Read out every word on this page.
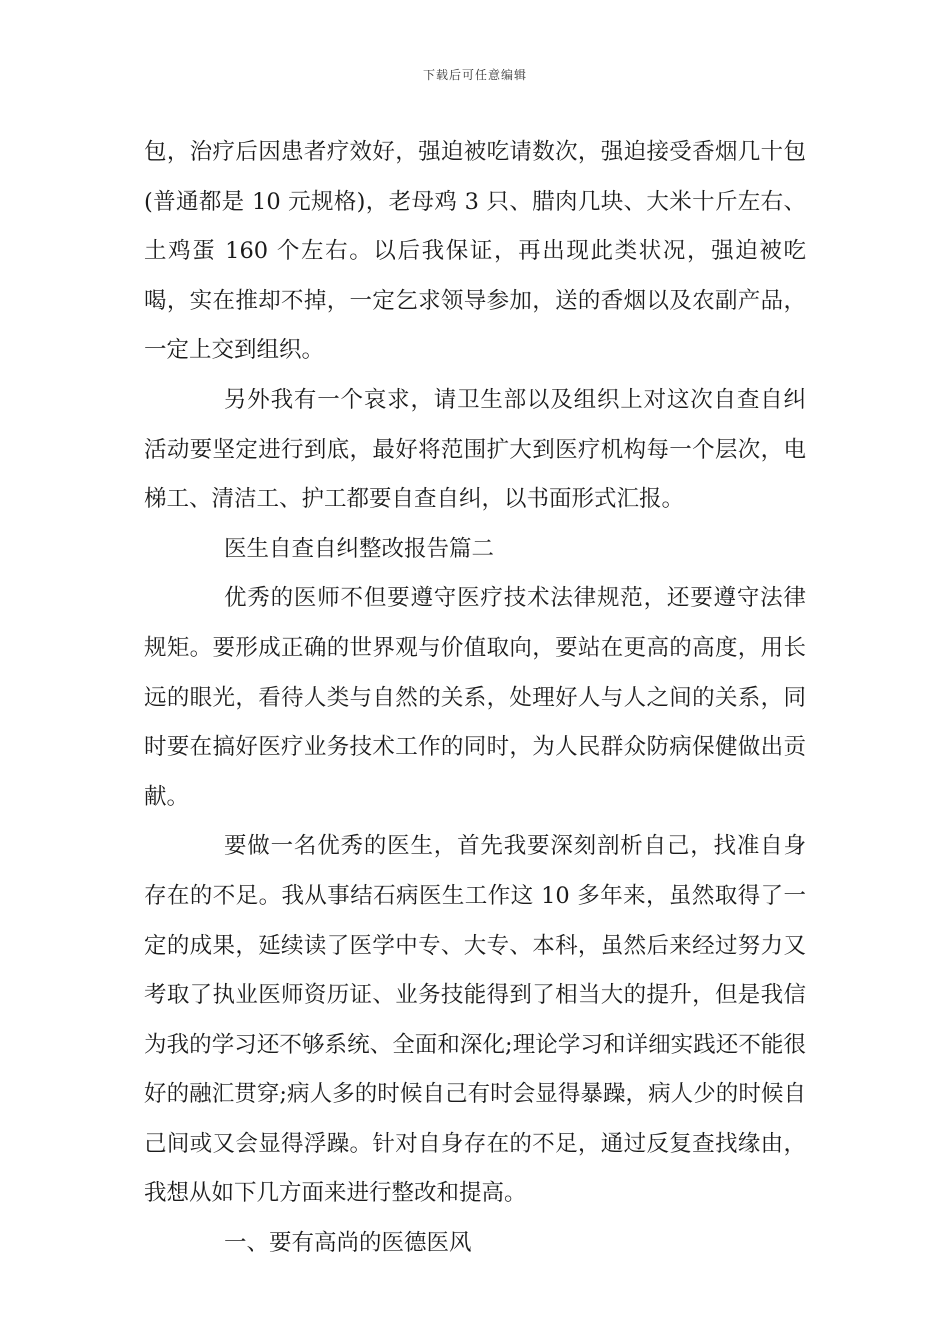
下载后可任意编辑

包，治疗后因患者疗效好，强迫被吃请数次，强迫接受香烟几十包(普通都是 10 元规格)，老母鸡 3 只、腊肉几块、大米十斤左右、土鸡蛋 160 个左右。以后我保证，再出现此类状况，强迫被吃喝，实在推却不掉，一定乞求领导参加，送的香烟以及农副产品，一定上交到组织。

另外我有一个哀求，请卫生部以及组织上对这次自查自纠活动要坚定进行到底，最好将范围扩大到医疗机构每一个层次，电梯工、清洁工、护工都要自查自纠，以书面形式汇报。

医生自查自纠整改报告篇二

优秀的医师不但要遵守医疗技术法律规范，还要遵守法律规矩。要形成正确的世界观与价值取向，要站在更高的高度，用长远的眼光，看待人类与自然的关系，处理好人与人之间的关系，同时要在搞好医疗业务技术工作的同时，为人民群众防病保健做出贡献。

要做一名优秀的医生，首先我要深刻剖析自己，找准自身存在的不足。我从事结石病医生工作这 10 多年来，虽然取得了一定的成果，延续读了医学中专、大专、本科，虽然后来经过努力又考取了执业医师资历证、业务技能得到了相当大的提升，但是我信为我的学习还不够系统、全面和深化;理论学习和详细实践还不能很好的融汇贯穿;病人多的时候自己有时会显得暴躁，病人少的时候自己间或又会显得浮躁。针对自身存在的不足，通过反复查找缘由，我想从如下几方面来进行整改和提高。

一、要有高尚的医德医风
